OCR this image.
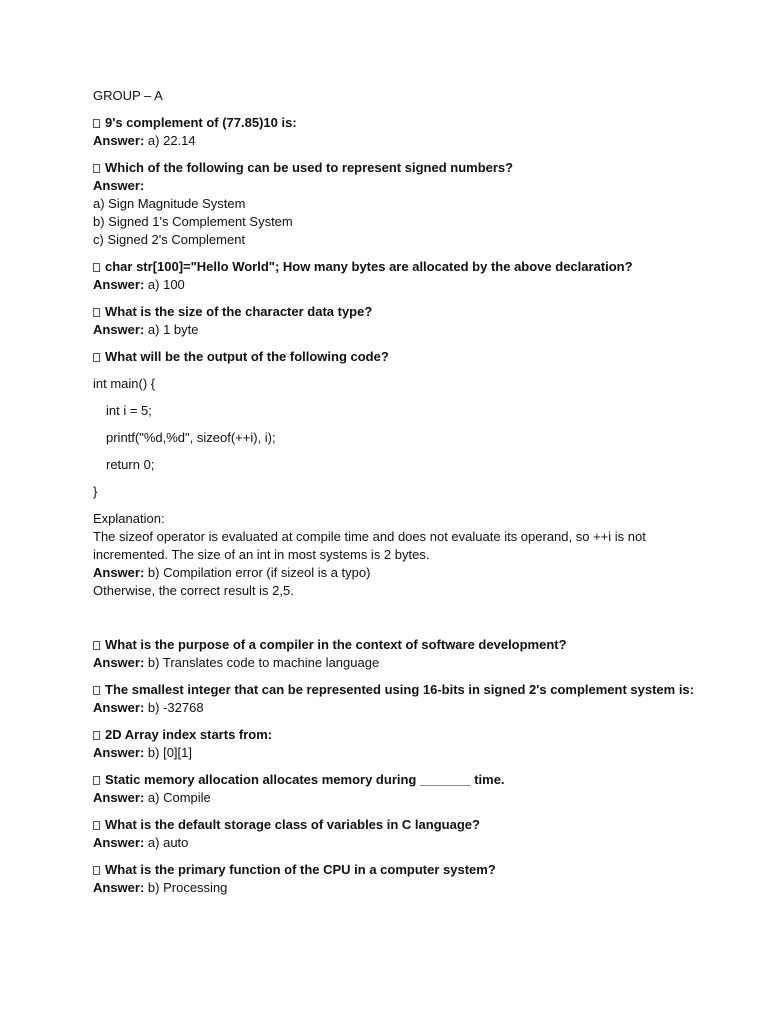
GROUP – A
9's complement of (77.85)10 is:
Answer: a) 22.14
Which of the following can be used to represent signed numbers?
Answer:
a) Sign Magnitude System
b) Signed 1's Complement System
c) Signed 2's Complement
char str[100]="Hello World"; How many bytes are allocated by the above declaration?
Answer: a) 100
What is the size of the character data type?
Answer: a) 1 byte
What will be the output of the following code?
int main() {
int i = 5;
printf("%d,%d", sizeof(++i), i);
return 0;
}
Explanation:
The sizeof operator is evaluated at compile time and does not evaluate its operand, so ++i is not incremented. The size of an int in most systems is 2 bytes.
Answer: b) Compilation error (if sizeol is a typo)
Otherwise, the correct result is 2,5.
What is the purpose of a compiler in the context of software development?
Answer: b) Translates code to machine language
The smallest integer that can be represented using 16-bits in signed 2's complement system is:
Answer: b) -32768
2D Array index starts from:
Answer: b) [0][1]
Static memory allocation allocates memory during _______ time.
Answer: a) Compile
What is the default storage class of variables in C language?
Answer: a) auto
What is the primary function of the CPU in a computer system?
Answer: b) Processing
